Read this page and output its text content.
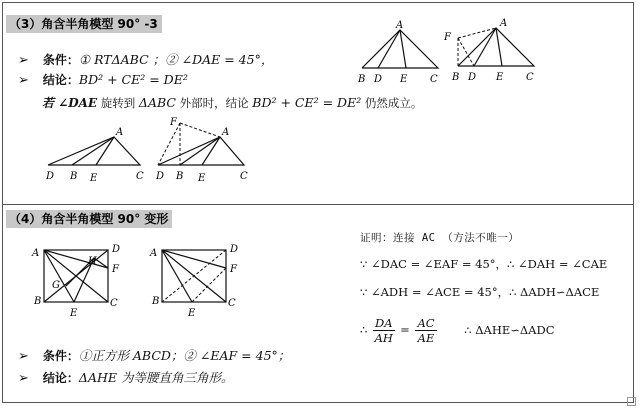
（3）角含半角模型 90° -3
➢ 条件：① RTΔABC ；② ∠DAE = 45°，
➢ 结论：BD² + CE² = DE²
若 ∠DAE 旋转到 ΔABC 外部时，结论 BD² + CE² = DE² 仍然成立。
A
B D E C
A
F
B D E C
A
D B E	C
A
F
D B E	C
（4）角含半角模型 90° 变形
A	D
H
F
G
B	C
E
A	D
F
B	C
E
➢ 条件：①正方形 ABCD；② ∠EAF = 45°；
➢ 结论：ΔAHE 为等腰直角三角形。
证明：连接 AC （方法不唯一）
∵ ∠DAC = ∠EAF = 45°，∴ ∠DAH = ∠CAE
∵ ∠ADH = ∠ACE = 45°，∴ ΔADH∽ΔACE
∴ $\frac{DA}{AH} = \frac{AC}{AE}$ ∴ ΔAHE∽ΔADC
